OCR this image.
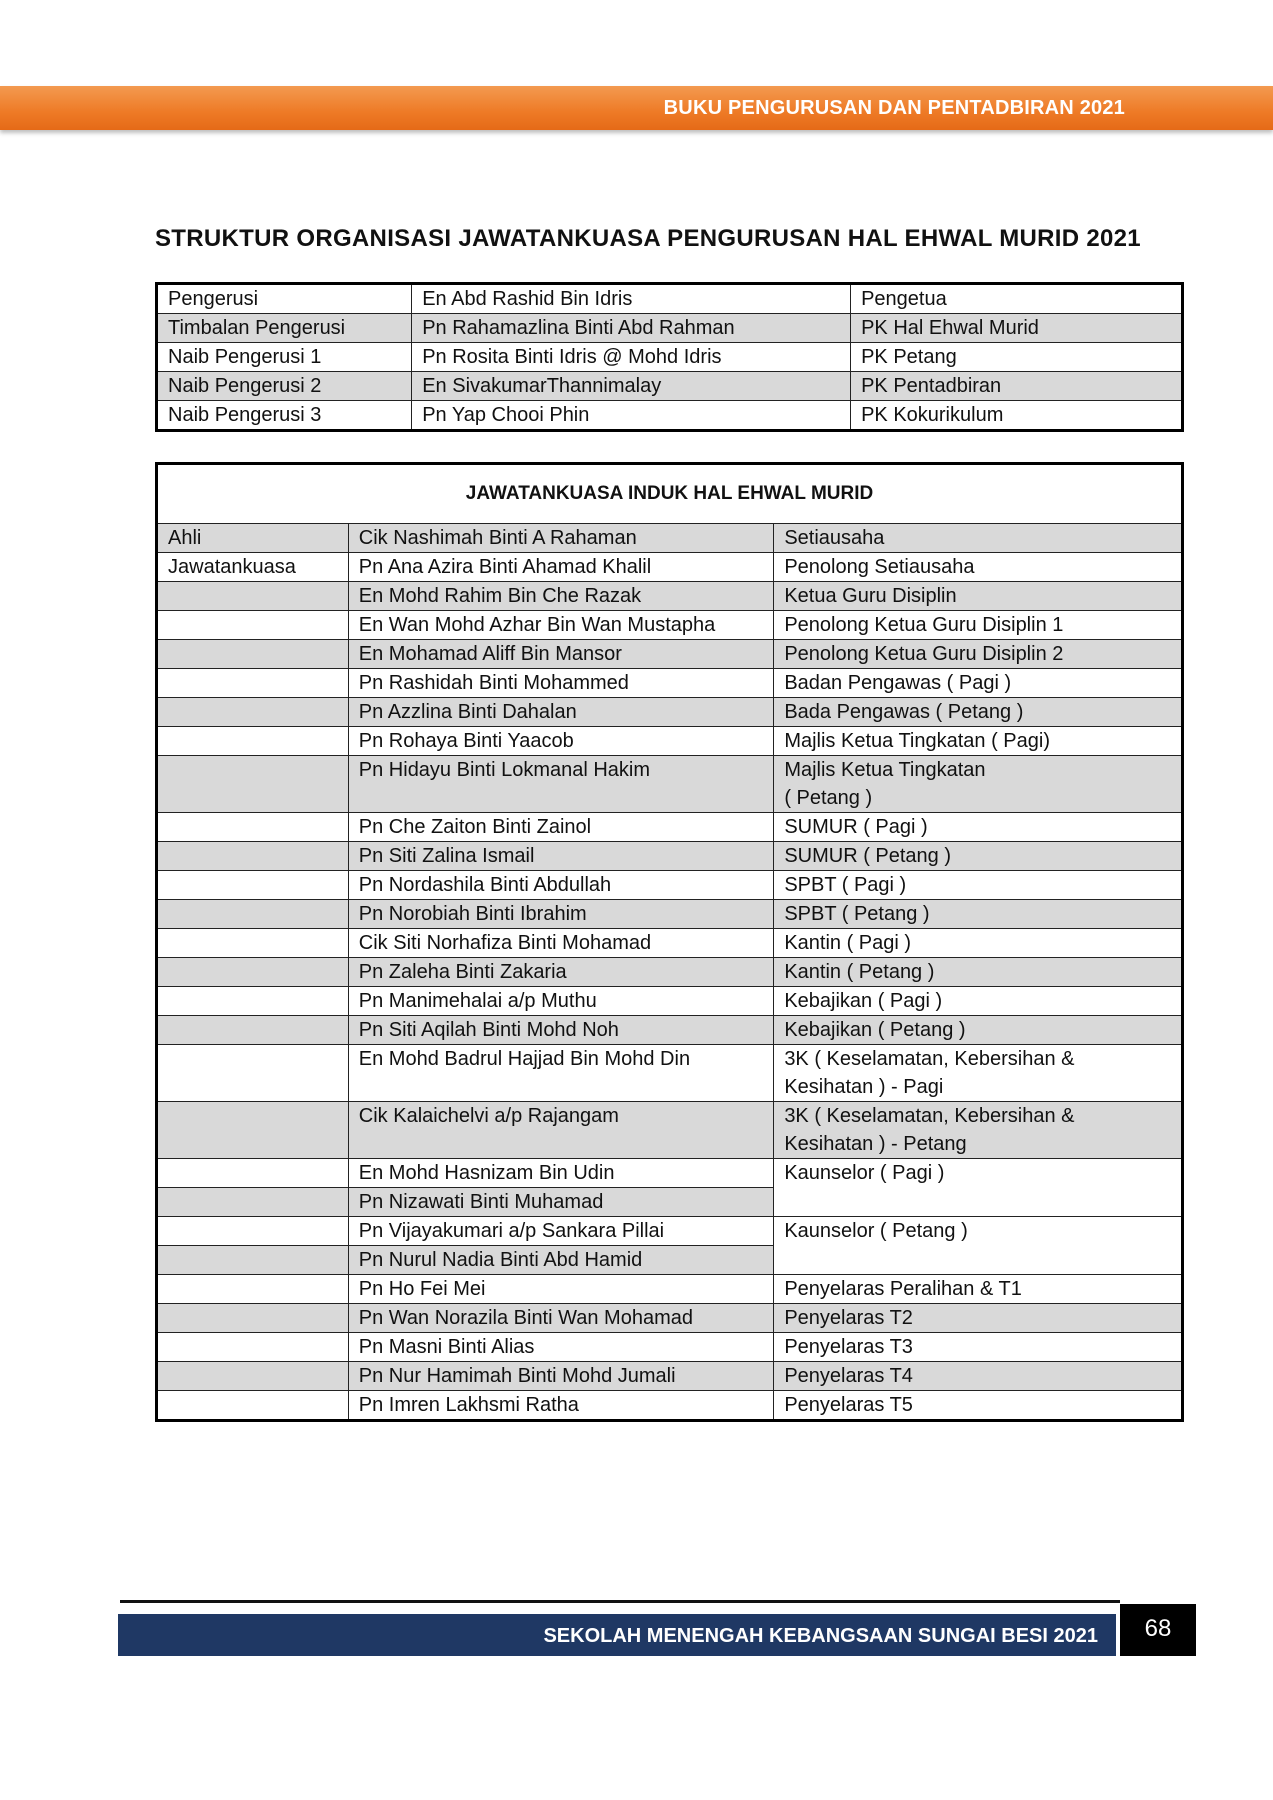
BUKU PENGURUSAN DAN PENTADBIRAN 2021
STRUKTUR ORGANISASI JAWATANKUASA PENGURUSAN HAL EHWAL MURID 2021
Pengerusi	En Abd Rashid Bin Idris	Pengetua
Timbalan Pengerusi	Pn Rahamazlina Binti Abd Rahman	PK Hal Ehwal Murid
Naib Pengerusi 1	Pn Rosita Binti Idris @ Mohd Idris	PK Petang
Naib Pengerusi 2	En SivakumarThannimalay	PK Pentadbiran
Naib Pengerusi 3	Pn Yap Chooi Phin	PK Kokurikulum
JAWATANKUASA INDUK HAL EHWAL MURID		
Ahli	Cik Nashimah Binti A Rahaman	Setiausaha
Jawatankuasa	Pn Ana Azira Binti Ahamad Khalil	Penolong Setiausaha
	En Mohd Rahim Bin Che Razak	Ketua Guru Disiplin
	En Wan Mohd Azhar Bin Wan Mustapha	Penolong Ketua Guru Disiplin 1
	En Mohamad Aliff Bin Mansor	Penolong Ketua Guru Disiplin 2
	Pn Rashidah Binti Mohammed	Badan Pengawas ( Pagi )
	Pn Azzlina Binti Dahalan	Bada Pengawas ( Petang )
	Pn Rohaya Binti Yaacob	Majlis Ketua Tingkatan ( Pagi)
	Pn Hidayu Binti Lokmanal Hakim	Majlis Ketua Tingkatan
( Petang )

	Pn Che Zaiton Binti Zainol	SUMUR ( Pagi )
	Pn Siti Zalina Ismail	SUMUR ( Petang )
	Pn Nordashila Binti Abdullah	SPBT ( Pagi )
	Pn Norobiah Binti Ibrahim	SPBT ( Petang )
	Cik Siti Norhafiza Binti Mohamad	Kantin ( Pagi )
	Pn Zaleha Binti Zakaria	Kantin ( Petang )
	Pn Manimehalai a/p Muthu	Kebajikan ( Pagi )
	Pn Siti Aqilah Binti Mohd Noh	Kebajikan ( Petang )
	En Mohd Badrul Hajjad Bin Mohd Din	3K ( Keselamatan, Kebersihan &
Kesihatan ) - Pagi

	Cik Kalaichelvi a/p Rajangam	3K ( Keselamatan, Kebersihan &
Kesihatan ) - Petang

	En Mohd Hasnizam Bin Udin	Kaunselor ( Pagi )
	Pn Nizawati Binti Muhamad	
	Pn Vijayakumari a/p Sankara Pillai	Kaunselor ( Petang )
	Pn Nurul Nadia Binti Abd Hamid	
	Pn Ho Fei Mei	Penyelaras Peralihan & T1
	Pn Wan Norazila Binti Wan Mohamad	Penyelaras T2
	Pn Masni Binti Alias	Penyelaras T3
	Pn Nur Hamimah Binti Mohd Jumali	Penyelaras T4
	Pn Imren Lakhsmi Ratha	Penyelaras T5
SEKOLAH MENENGAH KEBANGSAAN SUNGAI BESI 2021	68
